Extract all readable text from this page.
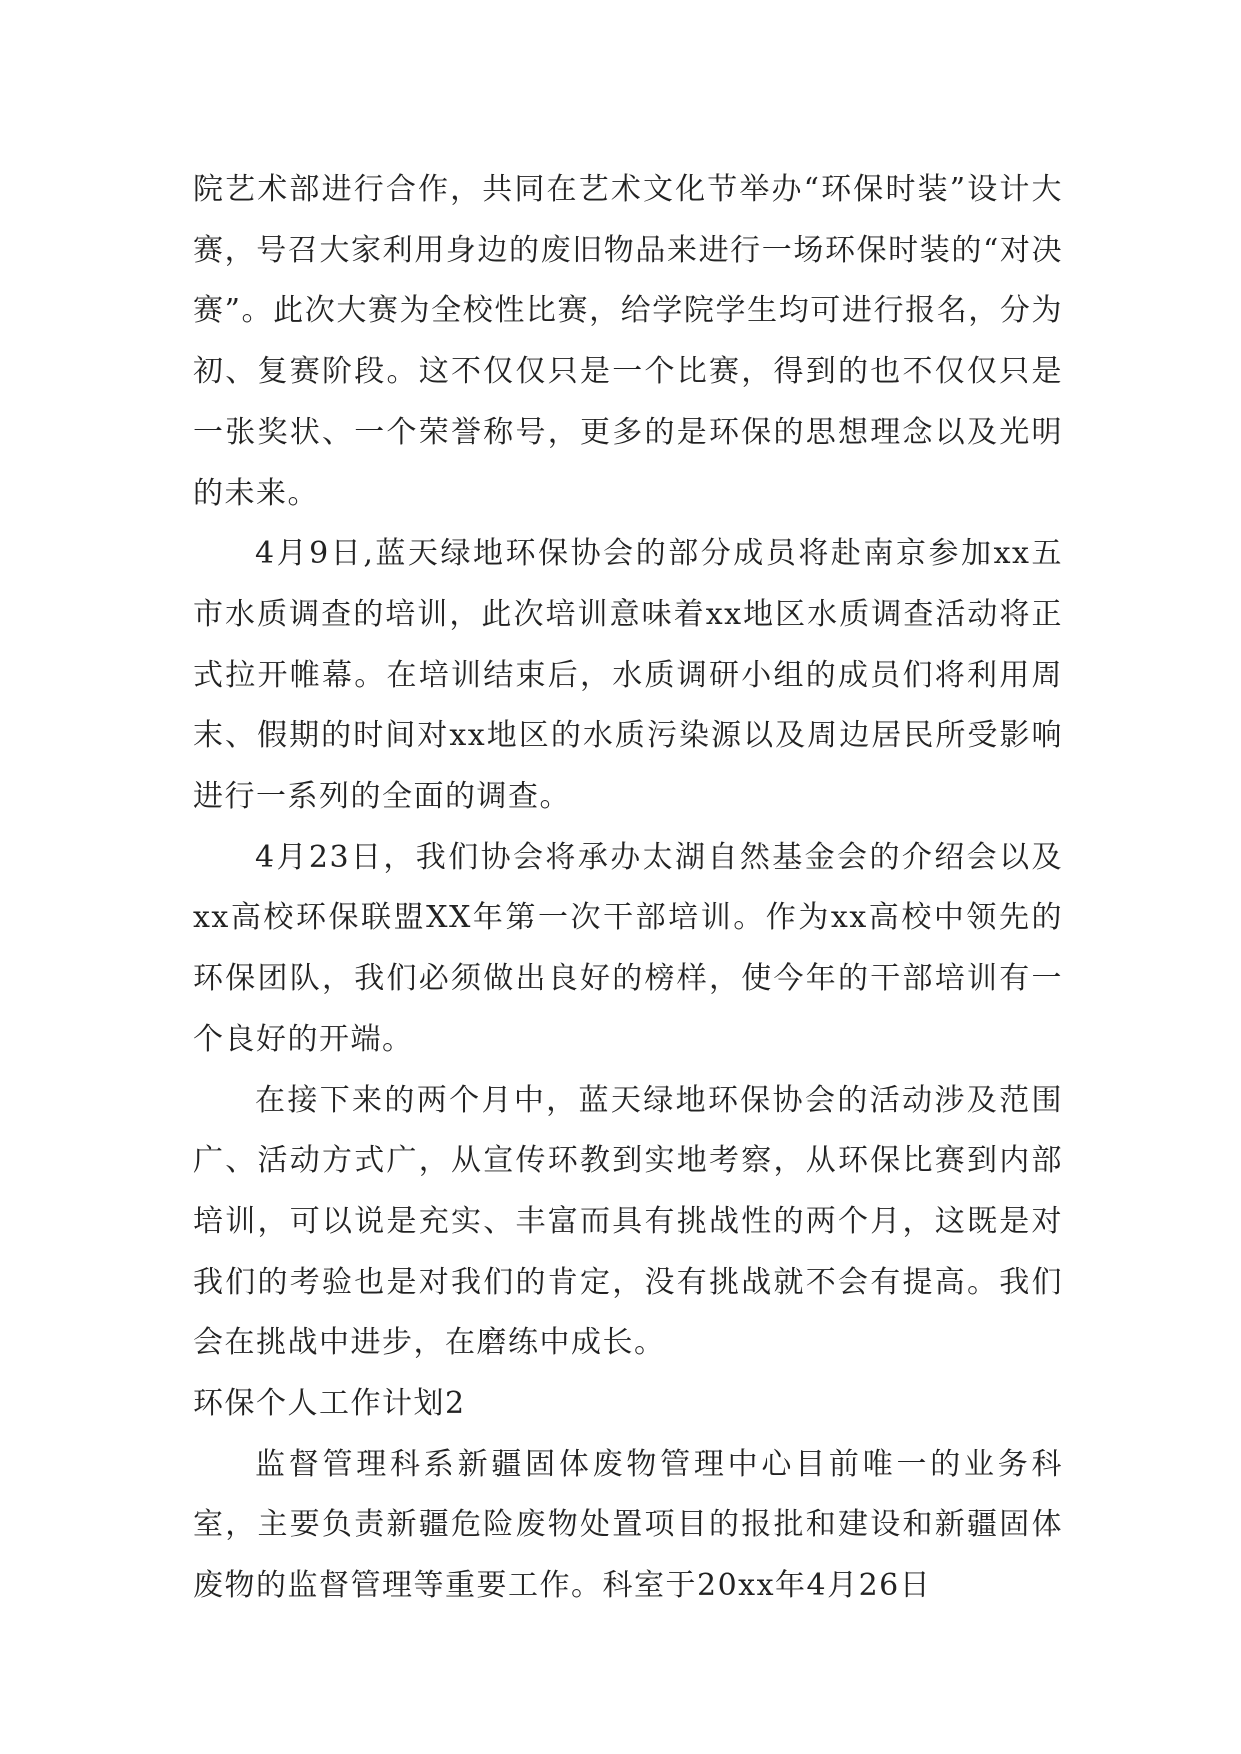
院艺术部进行合作，共同在艺术文化节举办“环保时装”设计大赛，号召大家利用身边的废旧物品来进行一场环保时装的“对决赛”。此次大赛为全校性比赛，给学院学生均可进行报名，分为初、复赛阶段。这不仅仅只是一个比赛，得到的也不仅仅只是一张奖状、一个荣誉称号，更多的是环保的思想理念以及光明的未来。

4月9日,蓝天绿地环保协会的部分成员将赴南京参加xx五市水质调查的培训，此次培训意味着xx地区水质调查活动将正式拉开帷幕。在培训结束后，水质调研小组的成员们将利用周末、假期的时间对xx地区的水质污染源以及周边居民所受影响进行一系列的全面的调查。

4月23日，我们协会将承办太湖自然基金会的介绍会以及xx高校环保联盟XX年第一次干部培训。作为xx高校中领先的环保团队，我们必须做出良好的榜样，使今年的干部培训有一个良好的开端。

在接下来的两个月中，蓝天绿地环保协会的活动涉及范围广、活动方式广，从宣传环教到实地考察，从环保比赛到内部培训，可以说是充实、丰富而具有挑战性的两个月，这既是对我们的考验也是对我们的肯定，没有挑战就不会有提高。我们会在挑战中进步，在磨练中成长。

环保个人工作计划2

监督管理科系新疆固体废物管理中心目前唯一的业务科室，主要负责新疆危险废物处置项目的报批和建设和新疆固体废物的监督管理等重要工作。科室于20xx年4月26日
